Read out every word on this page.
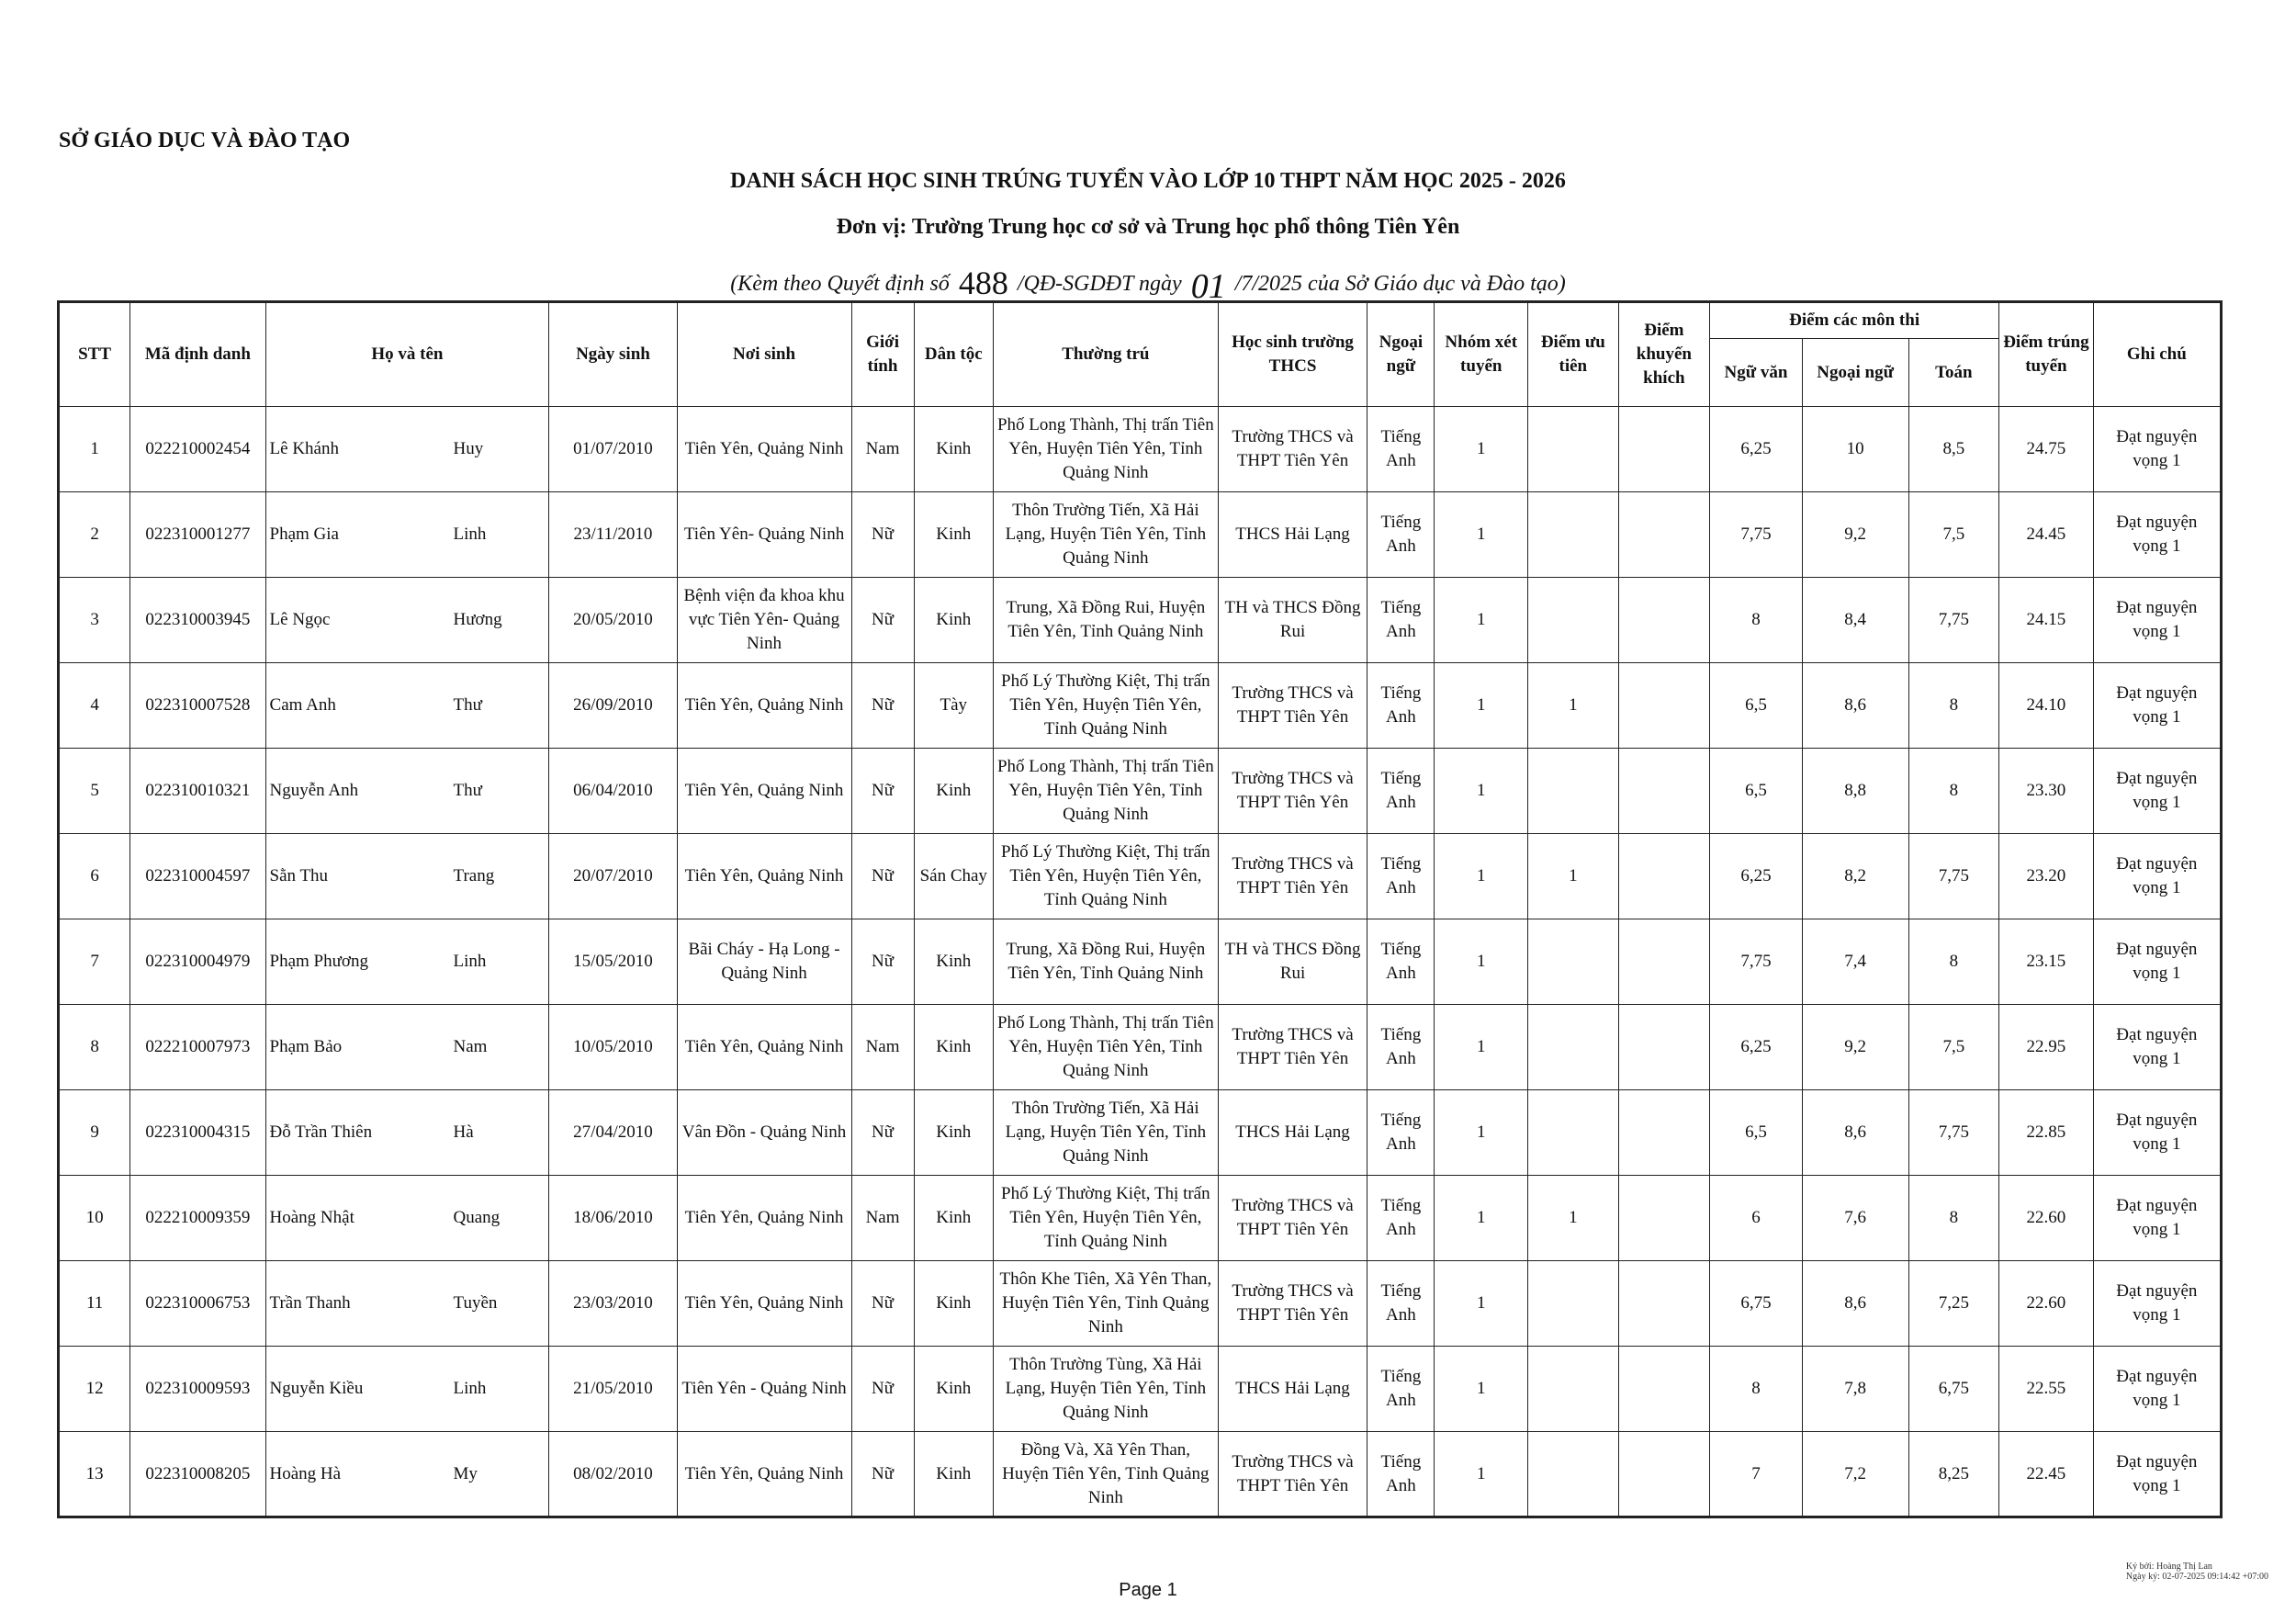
SỞ GIÁO DỤC VÀ ĐÀO TẠO
DANH SÁCH HỌC SINH TRÚNG TUYỂN VÀO LỚP 10 THPT NĂM HỌC 2025 - 2026
Đơn vị: Trường Trung học cơ sở và Trung học phổ thông Tiên Yên
(Kèm theo Quyết định số 488 /QĐ-SGDĐT ngày 01 /7/2025 của Sở Giáo dục và Đào tạo)
STT	Mã định danh	Họ và tên	Ngày sinh	Nơi sinh	Giới tính	Dân tộc	Thường trú	Học sinh trường THCS	Ngoại ngữ	Nhóm xét tuyển	Điểm ưu tiên	Điểm khuyến khích	Điểm các môn thi			Điểm trúng tuyển	Ghi chú
													Ngữ văn	Ngoại ngữ	Toán		
1	022210002454	Lê Khánh Huy	01/07/2010	Tiên Yên, Quảng Ninh	Nam	Kinh	Phố Long Thành, Thị trấn Tiên Yên, Huyện Tiên Yên, Tỉnh Quảng Ninh	Trường THCS và THPT Tiên Yên	Tiếng Anh	1			6,25	10	8,5	24.75	Đạt nguyện vọng 1
2	022310001277	Phạm Gia Linh	23/11/2010	Tiên Yên- Quảng Ninh	Nữ	Kinh	Thôn Trường Tiến, Xã Hải Lạng, Huyện Tiên Yên, Tỉnh Quảng Ninh	THCS Hải Lạng	Tiếng Anh	1			7,75	9,2	7,5	24.45	Đạt nguyện vọng 1
3	022310003945	Lê Ngọc Hương	20/05/2010	Bệnh viện đa khoa khu vực Tiên Yên- Quảng Ninh	Nữ	Kinh	Trung, Xã Đồng Rui, Huyện Tiên Yên, Tỉnh Quảng Ninh	TH và THCS Đồng Rui	Tiếng Anh	1			8	8,4	7,75	24.15	Đạt nguyện vọng 1
4	022310007528	Cam Anh Thư	26/09/2010	Tiên Yên, Quảng Ninh	Nữ	Tày	Phố Lý Thường Kiệt, Thị trấn Tiên Yên, Huyện Tiên Yên, Tỉnh Quảng Ninh	Trường THCS và THPT Tiên Yên	Tiếng Anh	1	1		6,5	8,6	8	24.10	Đạt nguyện vọng 1
5	022310010321	Nguyễn Anh Thư	06/04/2010	Tiên Yên, Quảng Ninh	Nữ	Kinh	Phố Long Thành, Thị trấn Tiên Yên, Huyện Tiên Yên, Tỉnh Quảng Ninh	Trường THCS và THPT Tiên Yên	Tiếng Anh	1			6,5	8,8	8	23.30	Đạt nguyện vọng 1
6	022310004597	Sằn Thu Trang	20/07/2010	Tiên Yên, Quảng Ninh	Nữ	Sán Chay	Phố Lý Thường Kiệt, Thị trấn Tiên Yên, Huyện Tiên Yên, Tỉnh Quảng Ninh	Trường THCS và THPT Tiên Yên	Tiếng Anh	1	1		6,25	8,2	7,75	23.20	Đạt nguyện vọng 1
7	022310004979	Phạm Phương Linh	15/05/2010	Bãi Cháy - Hạ Long - Quảng Ninh	Nữ	Kinh	Trung, Xã Đồng Rui, Huyện Tiên Yên, Tỉnh Quảng Ninh	TH và THCS Đồng Rui	Tiếng Anh	1			7,75	7,4	8	23.15	Đạt nguyện vọng 1
8	022210007973	Phạm Bảo Nam	10/05/2010	Tiên Yên, Quảng Ninh	Nam	Kinh	Phố Long Thành, Thị trấn Tiên Yên, Huyện Tiên Yên, Tỉnh Quảng Ninh	Trường THCS và THPT Tiên Yên	Tiếng Anh	1			6,25	9,2	7,5	22.95	Đạt nguyện vọng 1
9	022310004315	Đỗ Trần Thiên Hà	27/04/2010	Vân Đồn - Quảng Ninh	Nữ	Kinh	Thôn Trường Tiến, Xã Hải Lạng, Huyện Tiên Yên, Tỉnh Quảng Ninh	THCS Hải Lạng	Tiếng Anh	1			6,5	8,6	7,75	22.85	Đạt nguyện vọng 1
10	022210009359	Hoàng Nhật Quang	18/06/2010	Tiên Yên, Quảng Ninh	Nam	Kinh	Phố Lý Thường Kiệt, Thị trấn Tiên Yên, Huyện Tiên Yên, Tỉnh Quảng Ninh	Trường THCS và THPT Tiên Yên	Tiếng Anh	1	1		6	7,6	8	22.60	Đạt nguyện vọng 1
11	022310006753	Trần Thanh Tuyền	23/03/2010	Tiên Yên, Quảng Ninh	Nữ	Kinh	Thôn Khe Tiên, Xã Yên Than, Huyện Tiên Yên, Tỉnh Quảng Ninh	Trường THCS và THPT Tiên Yên	Tiếng Anh	1			6,75	8,6	7,25	22.60	Đạt nguyện vọng 1
12	022310009593	Nguyễn Kiều Linh	21/05/2010	Tiên Yên - Quảng Ninh	Nữ	Kinh	Thôn Trường Tùng, Xã Hải Lạng, Huyện Tiên Yên, Tỉnh Quảng Ninh	THCS Hải Lạng	Tiếng Anh	1			8	7,8	6,75	22.55	Đạt nguyện vọng 1
13	022310008205	Hoàng Hà My	08/02/2010	Tiên Yên, Quảng Ninh	Nữ	Kinh	Đồng Và, Xã Yên Than, Huyện Tiên Yên, Tỉnh Quảng Ninh	Trường THCS và THPT Tiên Yên	Tiếng Anh	1			7	7,2	8,25	22.45	Đạt nguyện vọng 1
Page 1
Ký bởi: Hoàng Thị Lan
Ngày ký: 02-07-2025 09:14:42 +07:00
